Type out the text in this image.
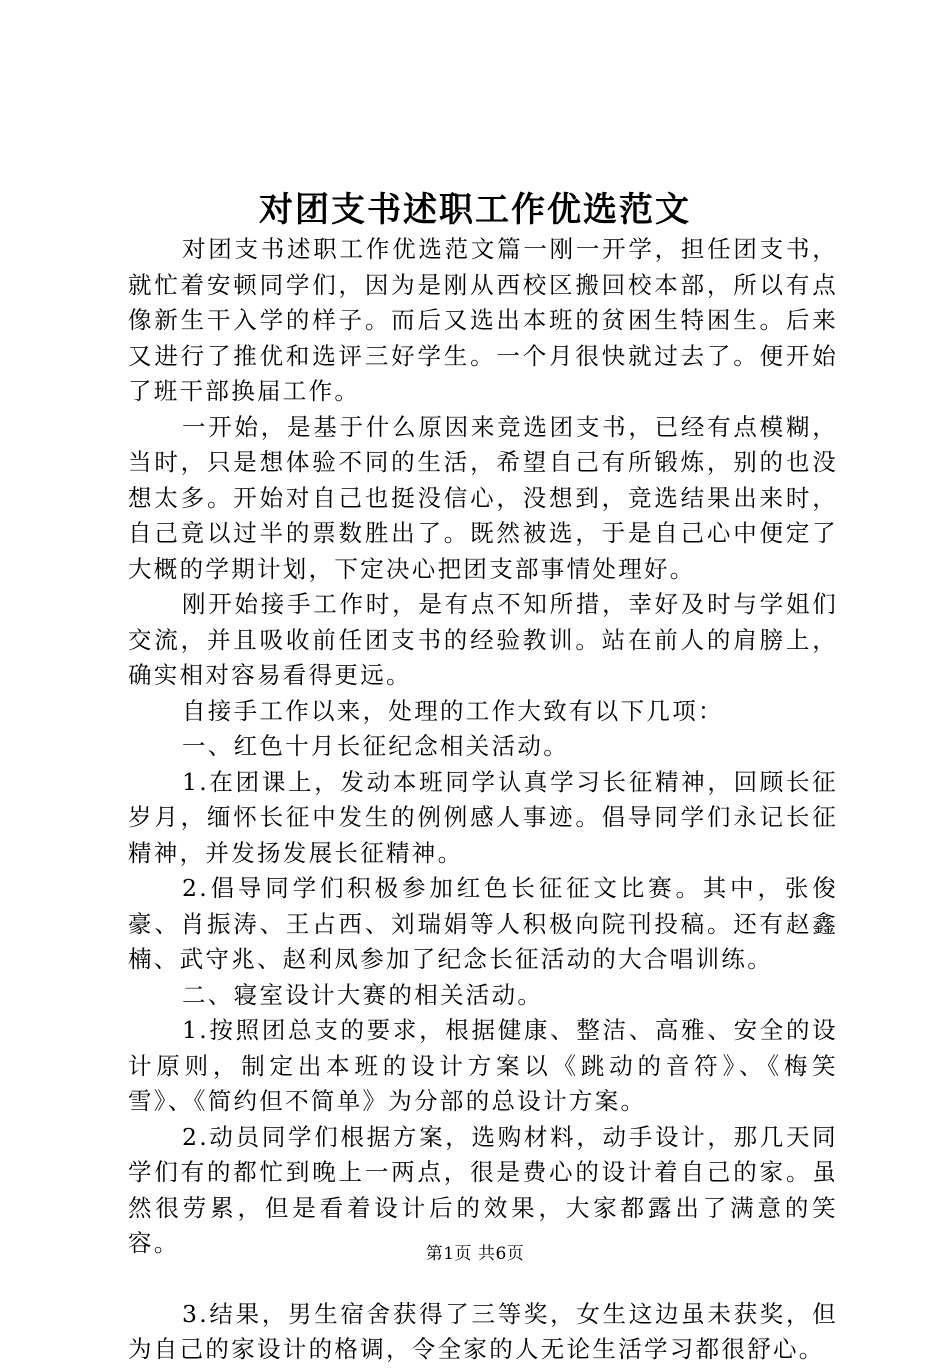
对团支书述职工作优选范文

对团支书述职工作优选范文篇一刚一开学，担任团支书，就忙着安顿同学们，因为是刚从西校区搬回校本部，所以有点像新生干入学的样子。而后又选出本班的贫困生特困生。后来又进行了推优和选评三好学生。一个月很快就过去了。便开始了班干部换届工作。

一开始，是基于什么原因来竞选团支书，已经有点模糊，当时，只是想体验不同的生活，希望自己有所锻炼，别的也没想太多。开始对自己也挺没信心，没想到，竞选结果出来时，自己竟以过半的票数胜出了。既然被选，于是自己心中便定了大概的学期计划，下定决心把团支部事情处理好。

刚开始接手工作时，是有点不知所措，幸好及时与学姐们交流，并且吸收前任团支书的经验教训。站在前人的肩膀上，确实相对容易看得更远。

自接手工作以来，处理的工作大致有以下几项：

一、红色十月长征纪念相关活动。

1.在团课上，发动本班同学认真学习长征精神，回顾长征岁月，缅怀长征中发生的例例感人事迹。倡导同学们永记长征精神，并发扬发展长征精神。

2.倡导同学们积极参加红色长征征文比赛。其中，张俊豪、肖振涛、王占西、刘瑞娟等人积极向院刊投稿。还有赵鑫楠、武守兆、赵利凤参加了纪念长征活动的大合唱训练。

二、寝室设计大赛的相关活动。

1.按照团总支的要求，根据健康、整洁、高雅、安全的设计原则，制定出本班的设计方案以《跳动的音符》、《梅笑雪》、《简约但不简单》为分部的总设计方案。

2.动员同学们根据方案，选购材料，动手设计，那几天同学们有的都忙到晚上一两点，很是费心的设计着自己的家。虽然很劳累，但是看着设计后的效果，大家都露出了满意的笑容。

3.结果，男生宿舍获得了三等奖，女生这边虽未获奖，但为自己的家设计的格调，令全家的人无论生活学习都很舒心。

第1页 共6页
